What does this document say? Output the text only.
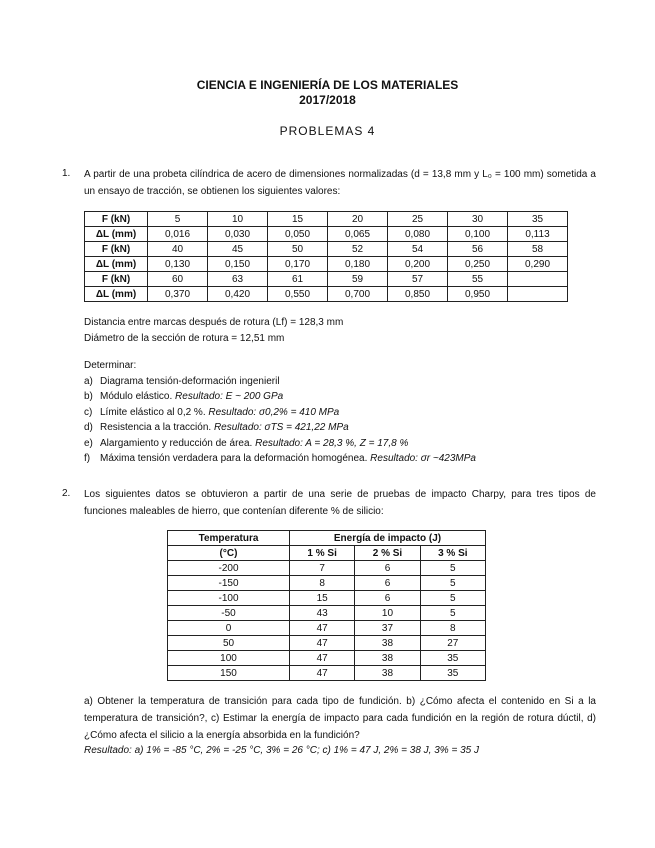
CIENCIA E INGENIERÍA DE LOS MATERIALES
2017/2018
PROBLEMAS 4
1. A partir de una probeta cilíndrica de acero de dimensiones normalizadas (d = 13,8 mm y L₀ = 100 mm) sometida a un ensayo de tracción, se obtienen los siguientes valores:
F (kN)	5	10	15	20	25	30	35
ΔL (mm)	0,016	0,030	0,050	0,065	0,080	0,100	0,113
F (kN)	40	45	50	52	54	56	58
ΔL (mm)	0,130	0,150	0,170	0,180	0,200	0,250	0,290
F (kN)	60	63	61	59	57	55	
ΔL (mm)	0,370	0,420	0,550	0,700	0,850	0,950	
Distancia entre marcas después de rotura (Lf) = 128,3 mm
Diámetro de la sección de rotura = 12,51 mm
Determinar:
a) Diagrama tensión-deformación ingenieril
b) Módulo elástico. Resultado: E ~ 200 GPa
c) Límite elástico al 0,2 %. Resultado: σ0,2% = 410 MPa
d) Resistencia a la tracción. Resultado: σTS = 421,22 MPa
e) Alargamiento y reducción de área. Resultado: A = 28,3 %, Z = 17,8 %
f) Máxima tensión verdadera para la deformación homogénea. Resultado: σr ~423MPa
2. Los siguientes datos se obtuvieron a partir de una serie de pruebas de impacto Charpy, para tres tipos de funciones maleables de hierro, que contenían diferente % de silicio:
Temperatura	Energía de impacto (J)		
(°C)	1 % Si	2 % Si	3 % Si
-200	7	6	5
-150	8	6	5
-100	15	6	5
-50	43	10	5
0	47	37	8
50	47	38	27
100	47	38	35
150	47	38	35
a) Obtener la temperatura de transición para cada tipo de fundición. b) ¿Cómo afecta el contenido en Si a la temperatura de transición?, c) Estimar la energía de impacto para cada fundición en la región de rotura dúctil, d) ¿Cómo afecta el silicio a la energía absorbida en la fundición?
Resultado: a) 1% = -85 °C, 2% = -25 °C, 3% = 26 °C; c) 1% = 47 J, 2% = 38 J, 3% = 35 J
